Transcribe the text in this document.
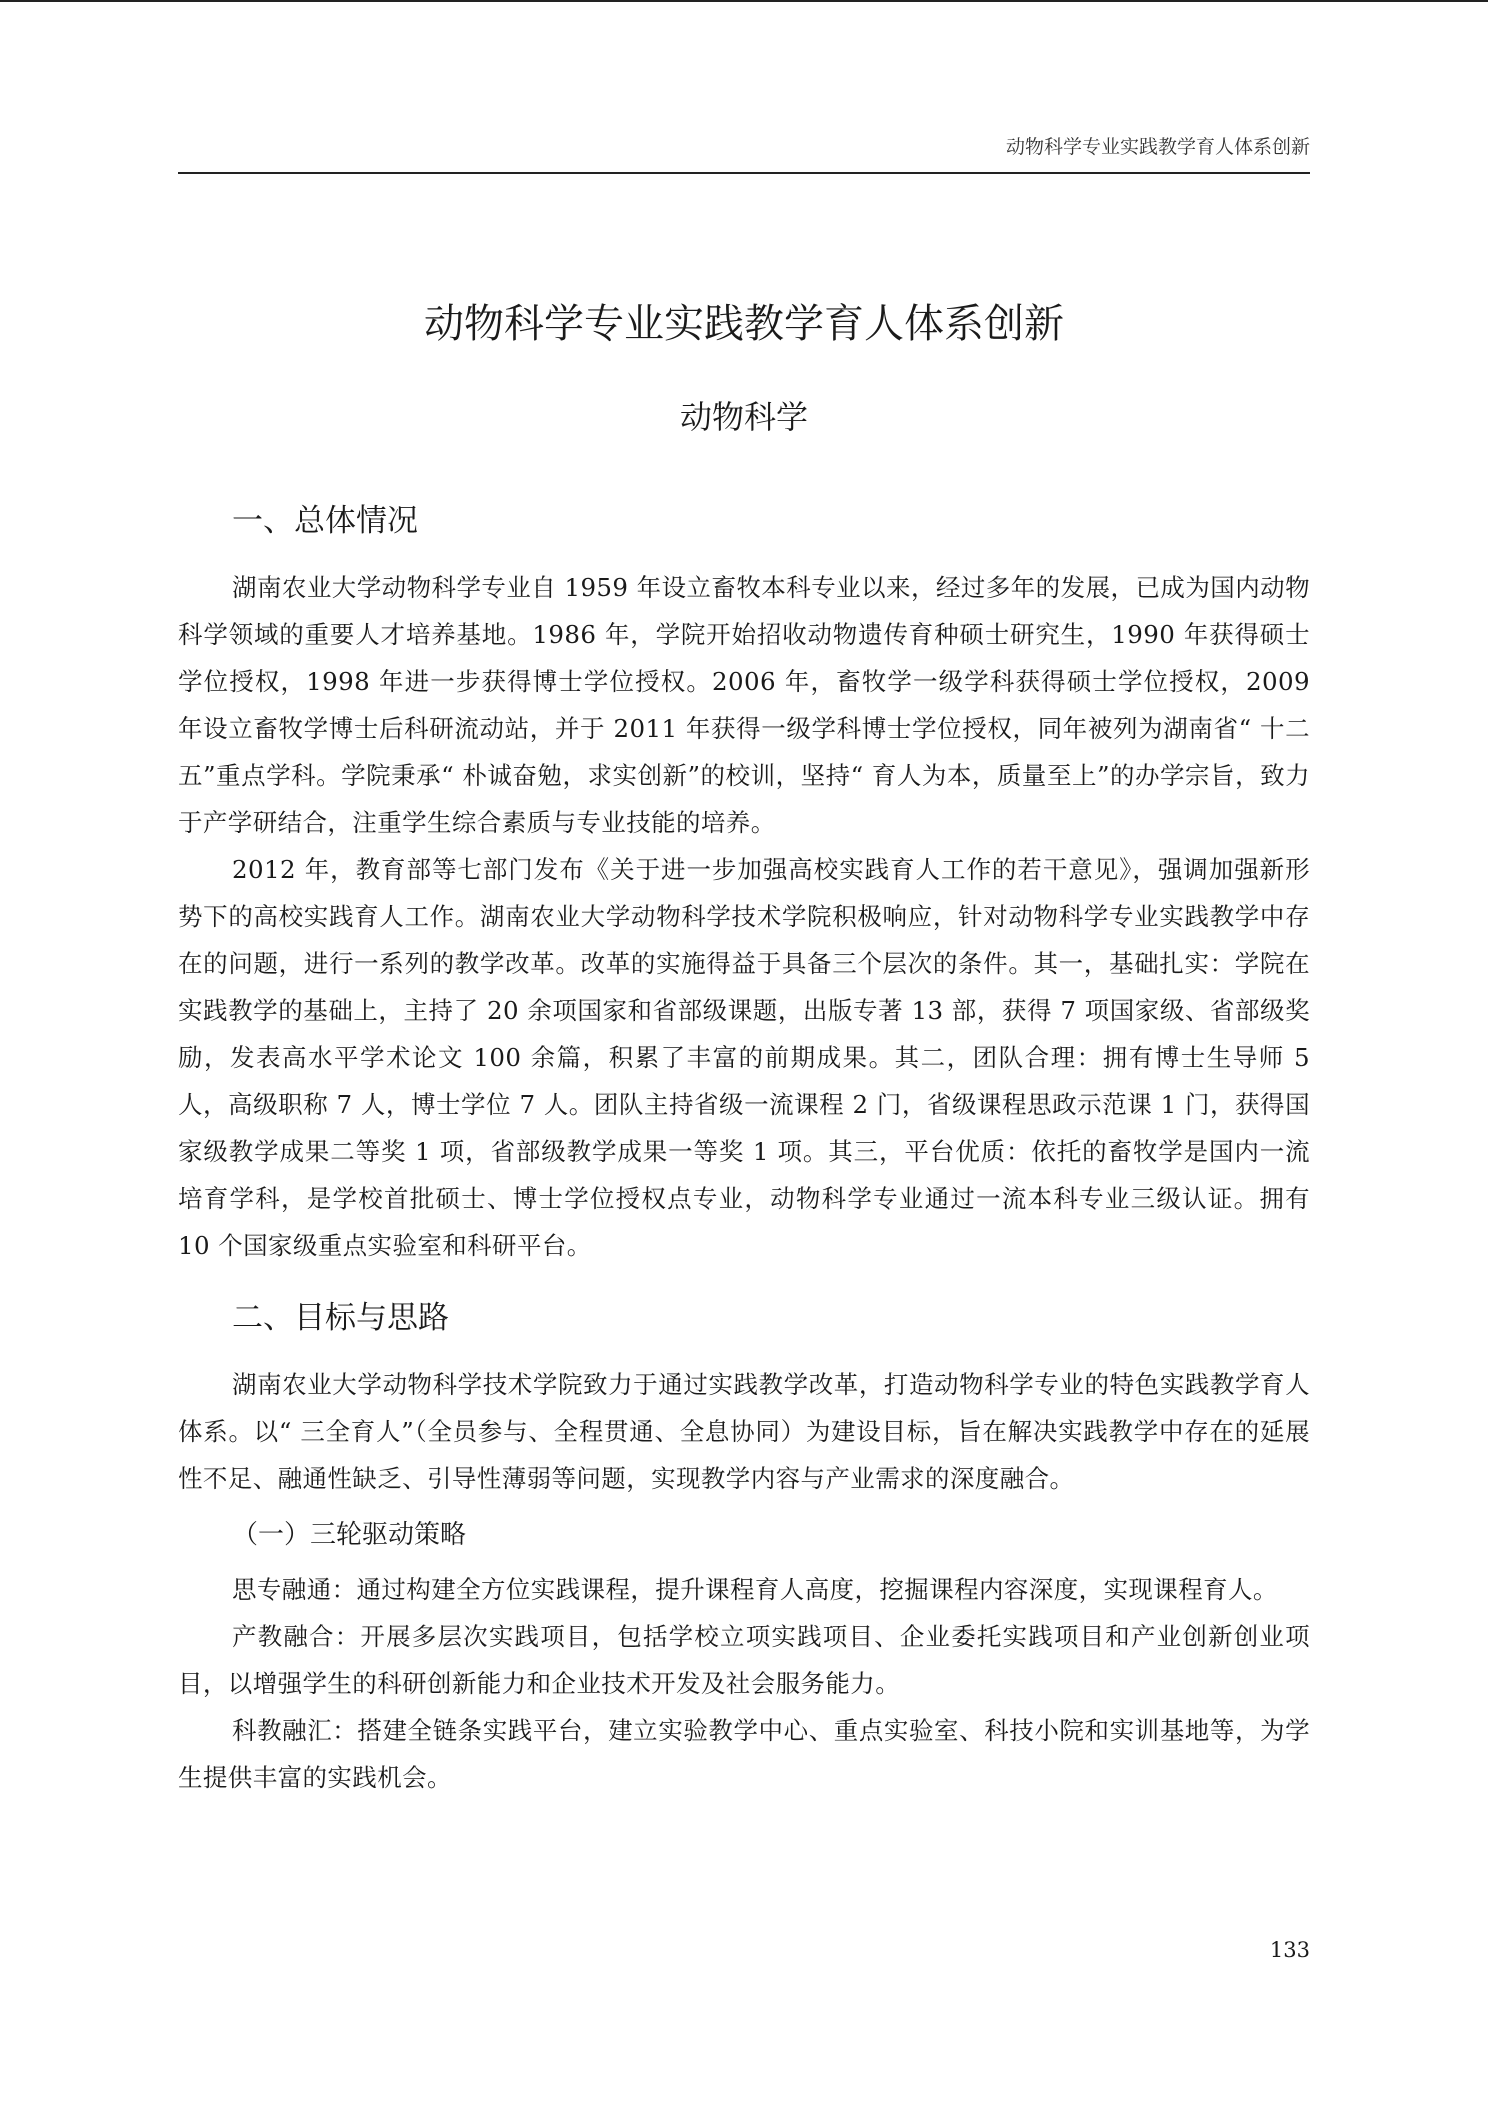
动物科学专业实践教学育人体系创新
动物科学专业实践教学育人体系创新
动物科学
一、总体情况

湖南农业大学动物科学专业自 1959 年设立畜牧本科专业以来，经过多年的发展，已成为国内动物科学领域的重要人才培养基地。1986 年，学院开始招收动物遗传育种硕士研究生，1990 年获得硕士学位授权，1998 年进一步获得博士学位授权。2006 年，畜牧学一级学科获得硕士学位授权，2009 年设立畜牧学博士后科研流动站，并于 2011 年获得一级学科博士学位授权，同年被列为湖南省“ 十二五”重点学科。学院秉承“ 朴诚奋勉，求实创新”的校训，坚持“ 育人为本，质量至上”的办学宗旨，致力于产学研结合，注重学生综合素质与专业技能的培养。

2012 年，教育部等七部门发布《关于进一步加强高校实践育人工作的若干意见》，强调加强新形势下的高校实践育人工作。湖南农业大学动物科学技术学院积极响应，针对动物科学专业实践教学中存在的问题，进行一系列的教学改革。改革的实施得益于具备三个层次的条件。其一，基础扎实：学院在实践教学的基础上，主持了 20 余项国家和省部级课题，出版专著 13 部，获得 7 项国家级、省部级奖励，发表高水平学术论文 100 余篇，积累了丰富的前期成果。其二，团队合理：拥有博士生导师 5 人，高级职称 7 人，博士学位 7 人。团队主持省级一流课程 2 门，省级课程思政示范课 1 门，获得国家级教学成果二等奖 1 项，省部级教学成果一等奖 1 项。其三，平台优质：依托的畜牧学是国内一流培育学科，是学校首批硕士、博士学位授权点专业，动物科学专业通过一流本科专业三级认证。拥有 10 个国家级重点实验室和科研平台。

二、目标与思路

湖南农业大学动物科学技术学院致力于通过实践教学改革，打造动物科学专业的特色实践教学育人体系。以“ 三全育人”（全员参与、全程贯通、全息协同）为建设目标，旨在解决实践教学中存在的延展性不足、融通性缺乏、引导性薄弱等问题，实现教学内容与产业需求的深度融合。

（一）三轮驱动策略

思专融通：通过构建全方位实践课程，提升课程育人高度，挖掘课程内容深度，实现课程育人。

产教融合：开展多层次实践项目，包括学校立项实践项目、企业委托实践项目和产业创新创业项目，以增强学生的科研创新能力和企业技术开发及社会服务能力。

科教融汇：搭建全链条实践平台，建立实验教学中心、重点实验室、科技小院和实训基地等，为学生提供丰富的实践机会。

133
